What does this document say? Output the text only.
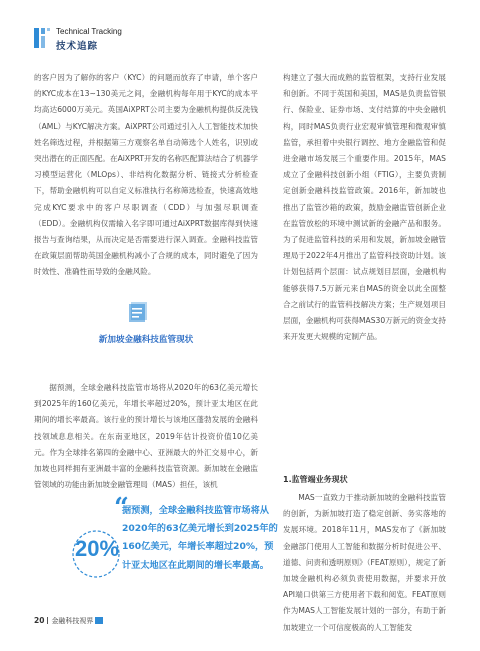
Technical Tracking
技术追踪

的客户因为了解你的客户（KYC）的问题而放弃了申请，单个客户的KYC成本在13~130美元之间，金融机构每年用于KYC的成本平均高达6000万美元。英国AiXPRT公司主要为金融机构提供反洗钱（AML）与KYC解决方案。AiXPRT公司通过引入人工智能技术加快姓名筛选过程，并根据第三方观察名单自动筛选个人姓名，识别或突出潜在的正面匹配。在AiXPRT开发的名称匹配算法结合了机器学习模型运营化（MLOps）、非结构化数据分析、链接式分析检查下，帮助金融机构可以自定义标准执行名称筛选检查，快速高效地完成KYC要求中的客户尽职调查（CDD）与加强尽职调查（EDD）。金融机构仅需输入名字即可通过AiXPRT数据库得到快速报告与查询结果，从而决定是否需要进行深入调查。金融科技监管在政策层面帮助英国金融机构减小了合规的成本，同时避免了因为时效性、准确性而导致的金融风险。

新加坡金融科技监管现状

据预测，全球金融科技监管市场将从2020年的63亿美元增长到2025年的160亿美元，年增长率超过20%，预计亚太地区在此期间的增长率最高。该行业的预计增长与该地区蓬勃发展的金融科技领域息息相关。在东南亚地区，2019年估计投资价值10亿美元。作为全球排名第四的金融中心、亚洲最大的外汇交易中心，新加坡也同样拥有亚洲最丰富的金融科技监管资源。新加坡在金融监管领域的功能由新加坡金融管理局（MAS）担任，该机

构建立了强大而成熟的监管框架，支持行业发展和创新。不同于英国和美国，MAS是负责监管银行、保险业、证券市场、支付结算的中央金融机构，同时MAS负责行业宏观审慎管理和微观审慎监管，承担着中央银行调控、地方金融监管和促进金融市场发展三个重要作用。2015年，MAS成立了金融科技创新小组（FTIG），主要负责制定创新金融科技监管政策。2016年，新加坡也推出了监管沙箱的政策，鼓励金融监管创新企业在监管放松的环境中测试新的金融产品和服务。为了促进监管科技的采用和发展，新加坡金融管理局于2022年4月推出了监管科技资助计划。该计划包括两个层面：试点规划目层面，金融机构能够获得7.5万新元来自MAS的资金以此全面整合之前试行的监管科技解决方案；生产规划项目层面，金融机构可获得MAS30万新元的资金支持来开发更大规模的定制产品。

1.监管端业务现状

MAS一直致力于推动新加坡的金融科技监管的创新，为新加坡打造了稳定创新、务实落地的发展环境。2018年11月，MAS发布了《新加坡金融部门使用人工智能和数据分析时促进公平、道德、问责和透明原则》（FEAT原则），规定了新加坡金融机构必须负责使用数据，并要求开放API端口供第三方使用者下载和阅览。FEAT原则作为MAS人工智能发展计划的一部分，有助于新加坡建立一个可信度极高的人工智能发

20%
“
据预测，全球金融科技监管市场将从2020年的63亿美元增长到2025年的160亿美元，年增长率超过20%，预计亚太地区在此期间的增长率最高。
20 金融科技视界
